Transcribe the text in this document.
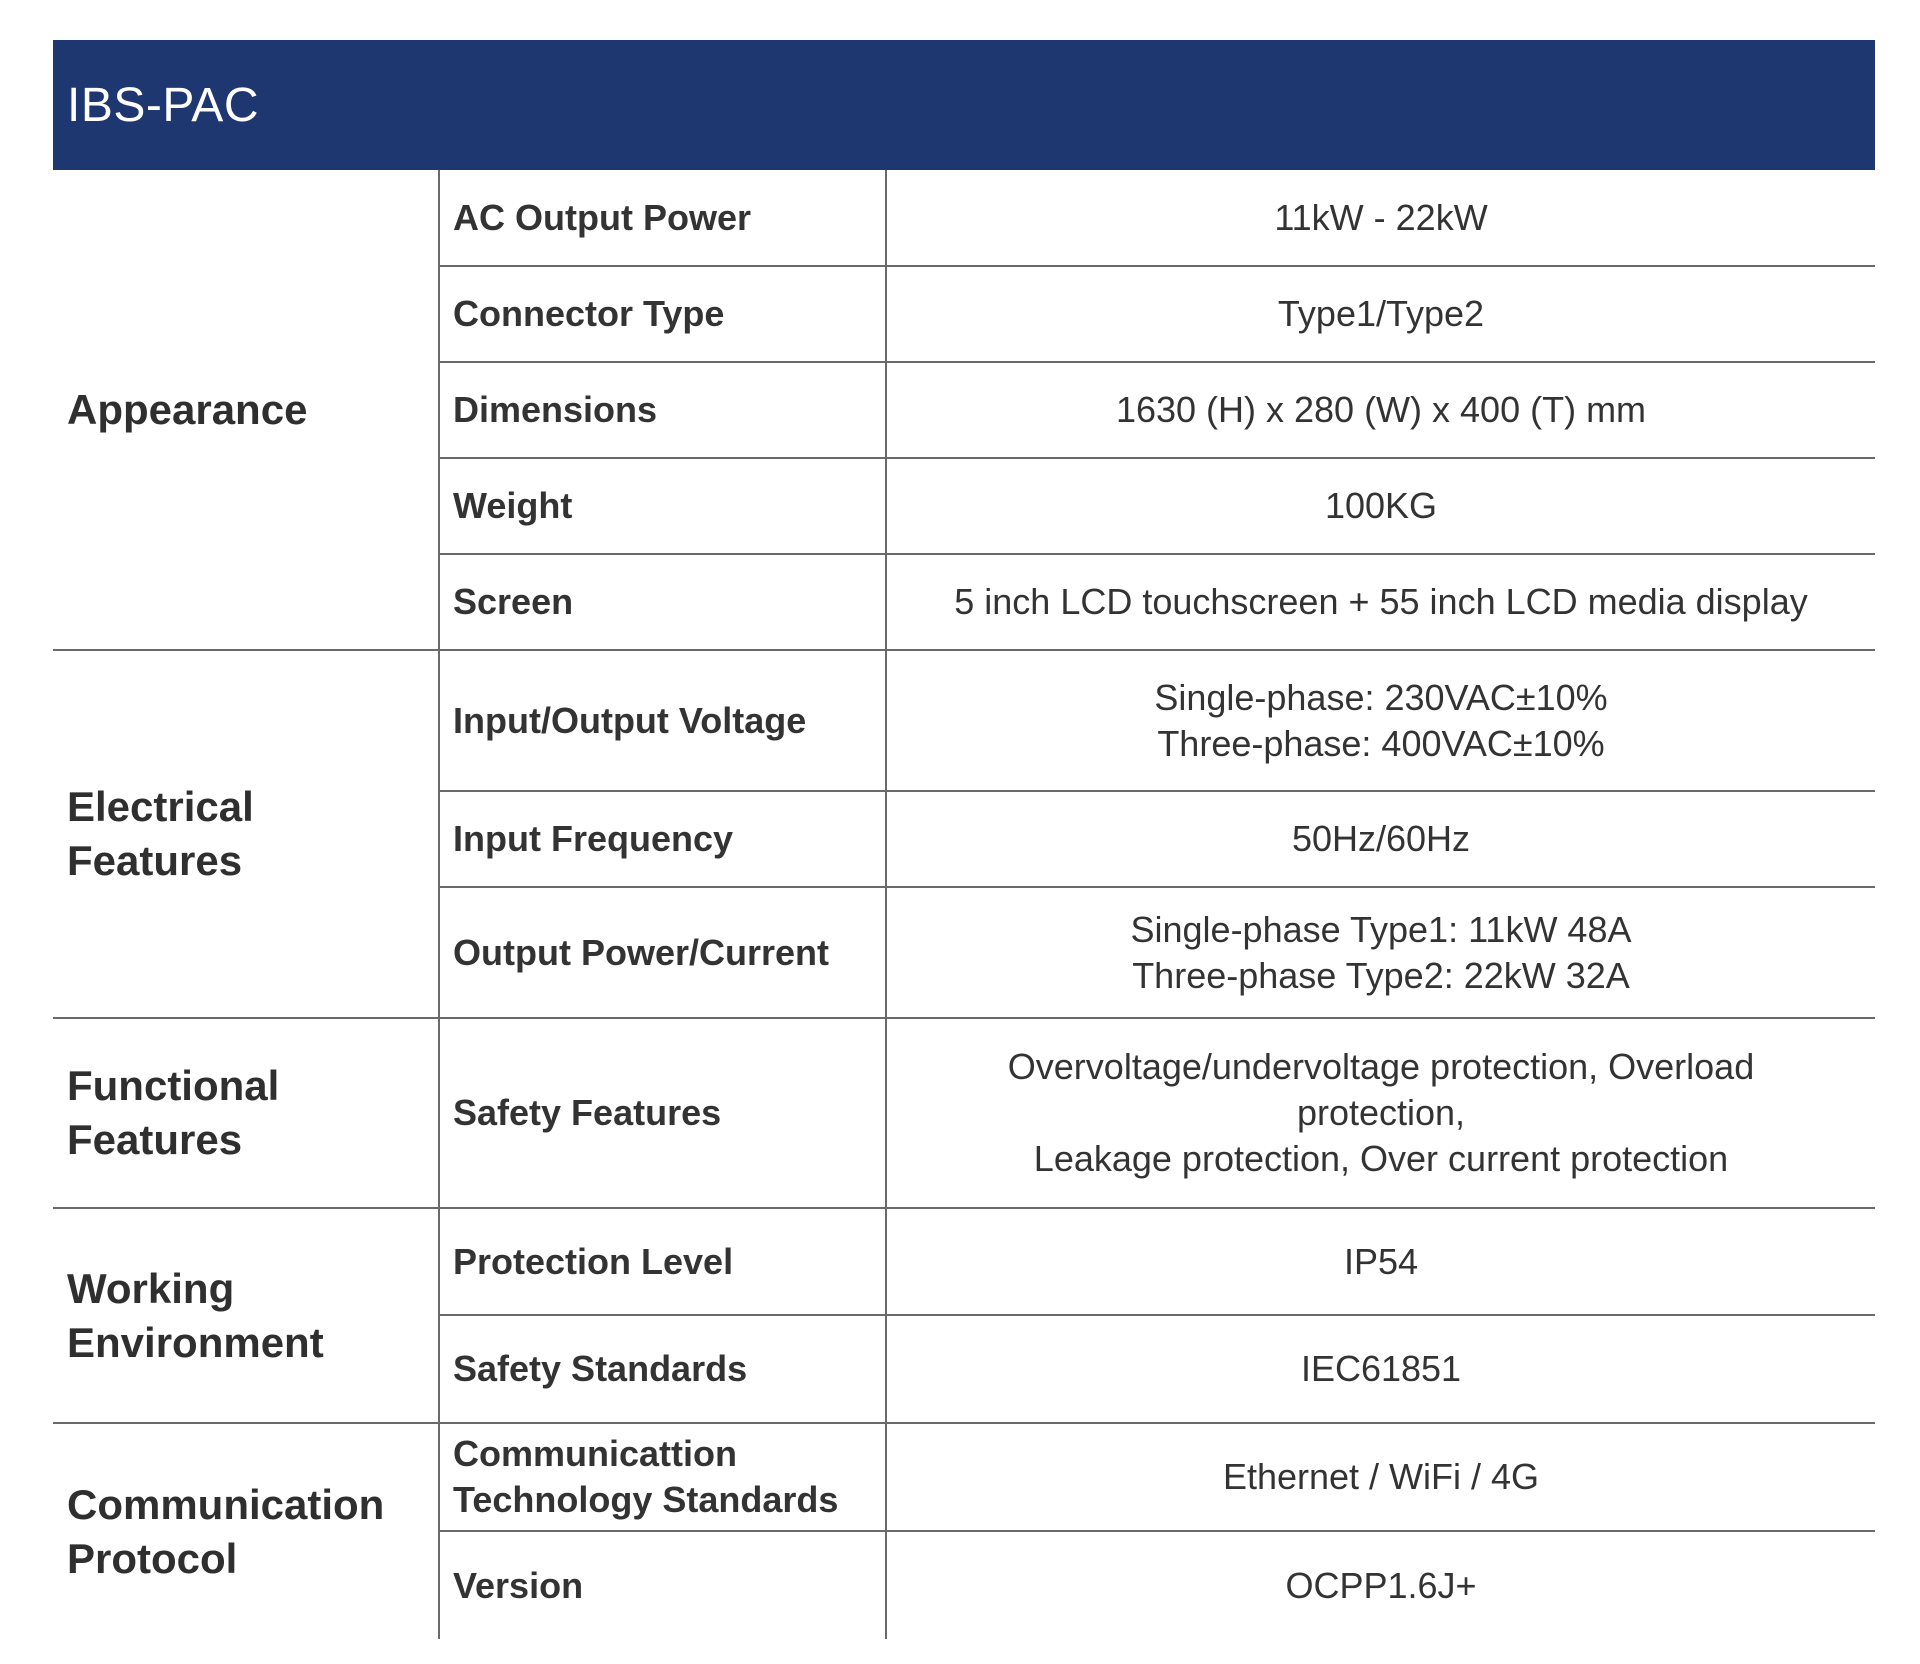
IBS-PAC
Appearance	AC Output Power	11kW - 22kW

	Connector Type	Type1/Type2

	Dimensions	1630 (H) x 280 (W) x 400 (T) mm

	Weight	100KG

	Screen	5 inch LCD touchscreen + 55 inch LCD media display

Electrical Features	Input/Output Voltage	Single-phase: 230VAC±10%
Three-phase: 400VAC±10%

	Input Frequency	50Hz/60Hz

	Output Power/Current	Single-phase Type1: 11kW 48A
Three-phase Type2: 22kW 32A

Functional Features	Safety Features	Overvoltage/undervoltage protection, Overload
protection,
Leakage protection, Over current protection

Working Environment	Protection Level	IP54

	Safety Standards	IEC61851

Communication Protocol	Communicattion Technology Standards	Ethernet / WiFi / 4G

	Version	OCPP1.6J+
